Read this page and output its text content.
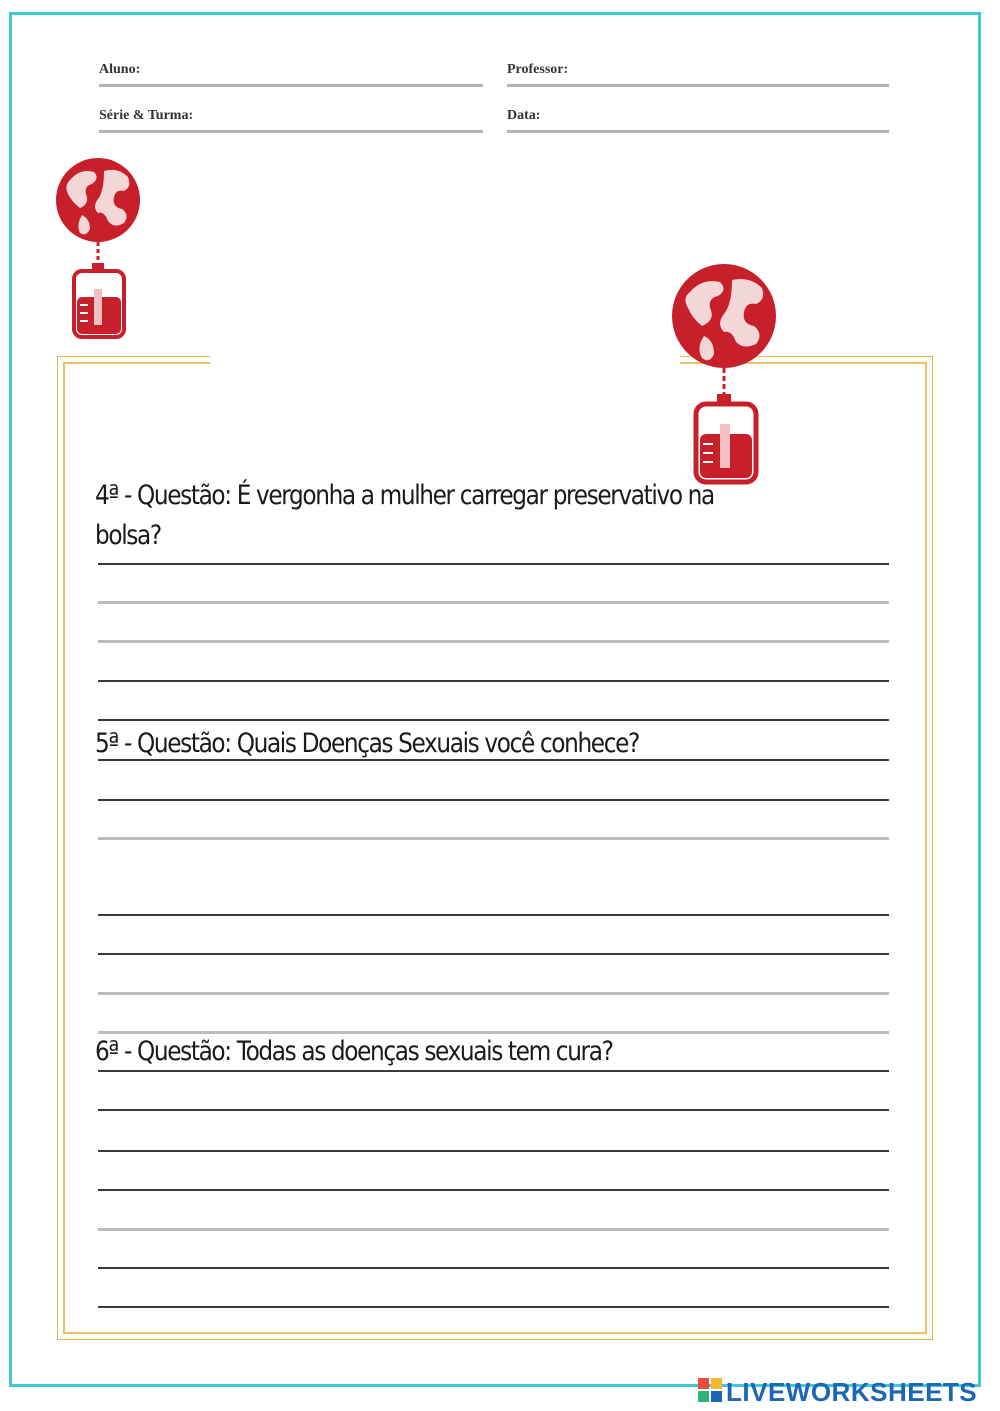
Aluno:	Professor:
Série & Turma:	Data:
4ª - Questão: É vergonha a mulher carregar preservativo na
bolsa?
5ª - Questão: Quais Doenças Sexuais você conhece?
6ª - Questão: Todas as doenças sexuais tem cura?
LIVEWORKSHEETS
